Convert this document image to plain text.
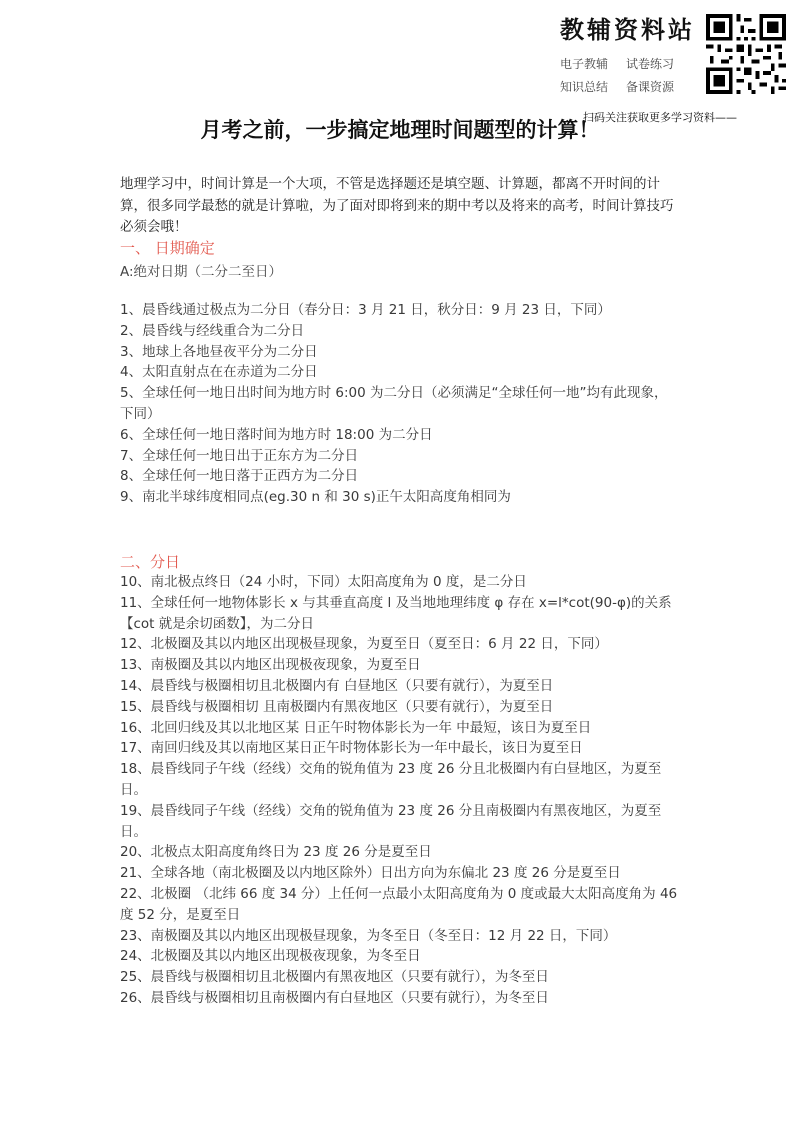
教辅资料站
电子教辅	试卷练习
知识总结	备课资源
扫码关注获取更多学习资料——
月考之前，一步搞定地理时间题型的计算！
地理学习中，时间计算是一个大项，不管是选择题还是填空题、计算题，都离不开时间的计算，很多同学最愁的就是计算啦，为了面对即将到来的期中考以及将来的高考，时间计算技巧必须会哦！
一、 日期确定
A:绝对日期（二分二至日）
1、晨昏线通过极点为二分日（春分日：3 月 21 日，秋分日：9 月 23 日，下同）
2、晨昏线与经线重合为二分日
3、地球上各地昼夜平分为二分日
4、太阳直射点在在赤道为二分日
5、全球任何一地日出时间为地方时 6:00 为二分日（必须满足“全球任何一地”均有此现象，下同）
6、全球任何一地日落时间为地方时 18:00 为二分日
7、全球任何一地日出于正东方为二分日
8、全球任何一地日落于正西方为二分日
9、南北半球纬度相同点(eg.30 n 和 30 s)正午太阳高度角相同为
二、分日
10、南北极点终日（24 小时，下同）太阳高度角为 0 度，是二分日
11、全球任何一地物体影长 x 与其垂直高度 l 及当地地理纬度 φ 存在 x=l*cot(90-φ)的关系【cot 就是余切函数】，为二分日
12、北极圈及其以内地区出现极昼现象，为夏至日（夏至日：6 月 22 日，下同）
13、南极圈及其以内地区出现极夜现象，为夏至日
14、晨昏线与极圈相切且北极圈内有 白昼地区（只要有就行），为夏至日
15、晨昏线与极圈相切 且南极圈内有黑夜地区（只要有就行），为夏至日
16、北回归线及其以北地区某 日正午时物体影长为一年 中最短，该日为夏至日
17、南回归线及其以南地区某日正午时物体影长为一年中最长，该日为夏至日
18、晨昏线同子午线（经线）交角的锐角值为 23 度 26 分且北极圈内有白昼地区，为夏至日。
19、晨昏线同子午线（经线）交角的锐角值为 23 度 26 分且南极圈内有黑夜地区，为夏至日。
20、北极点太阳高度角终日为 23 度 26 分是夏至日
21、全球各地（南北极圈及以内地区除外）日出方向为东偏北 23 度 26 分是夏至日
22、北极圈 （北纬 66 度 34 分）上任何一点最小太阳高度角为 0 度或最大太阳高度角为 46 度 52 分，是夏至日
23、南极圈及其以内地区出现极昼现象，为冬至日（冬至日：12 月 22 日，下同）
24、北极圈及其以内地区出现极夜现象，为冬至日
25、晨昏线与极圈相切且北极圈内有黑夜地区（只要有就行），为冬至日
26、晨昏线与极圈相切且南极圈内有白昼地区（只要有就行），为冬至日
